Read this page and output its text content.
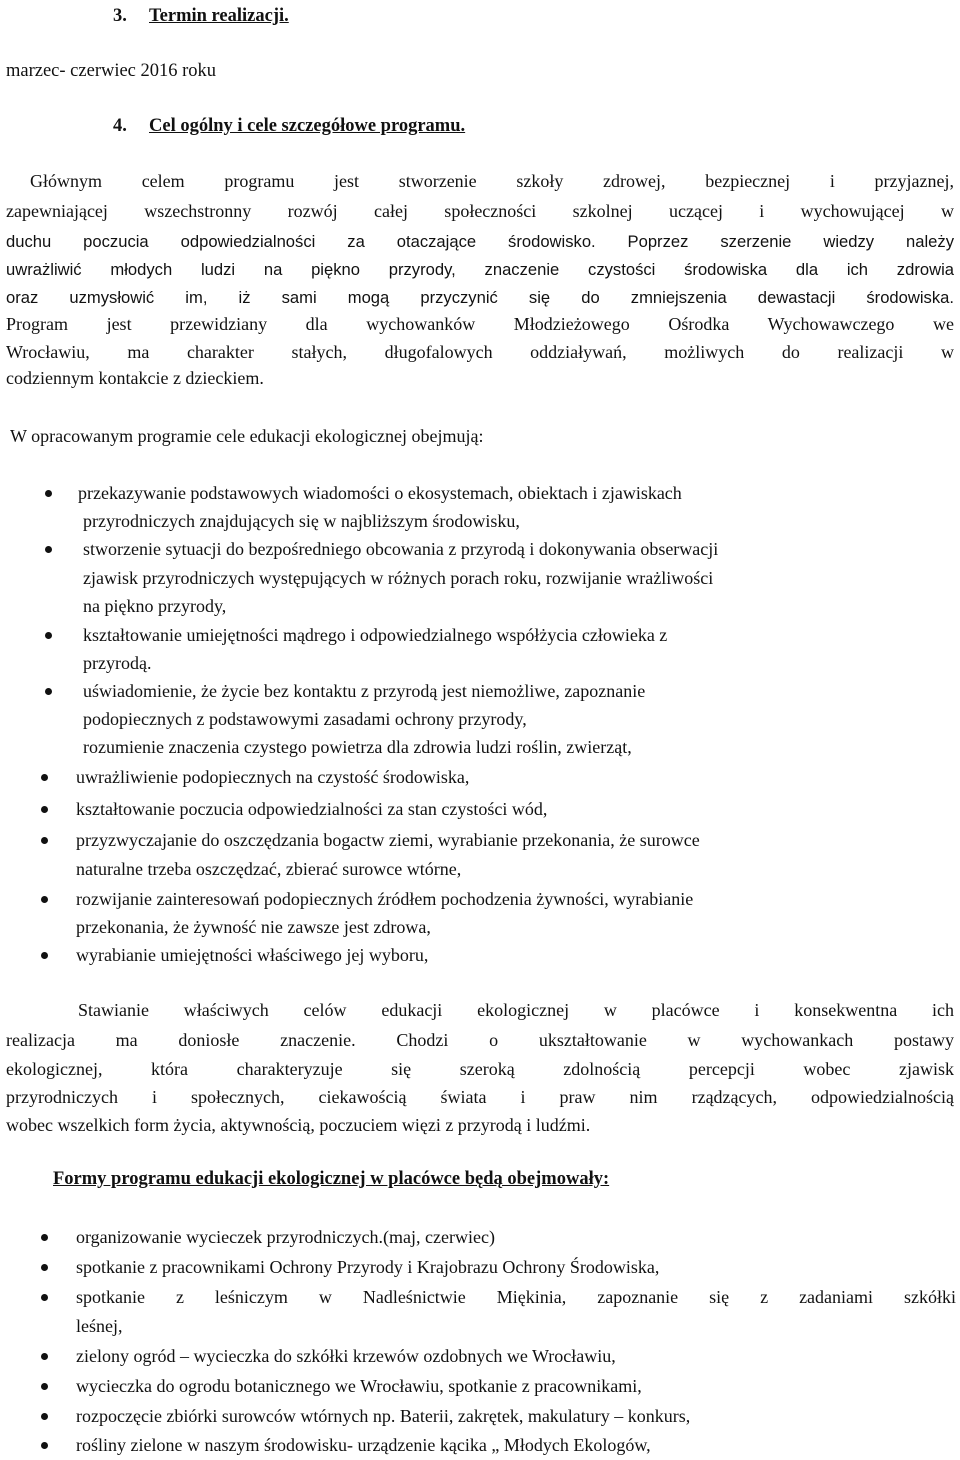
3. Termin realizacji.
marzec- czerwiec 2016 roku
4. Cel ogólny i cele szczegółowe programu.
Głównym celem programu jest stworzenie szkoły zdrowej, bezpiecznej i przyjaznej,
zapewniającej wszechstronny rozwój całej społeczności szkolnej uczącej i wychowującej w
duchu poczucia odpowiedzialności za otaczające środowisko. Poprzez szerzenie wiedzy należy
uwrażliwić młodych ludzi na piękno przyrody, znaczenie czystości środowiska dla ich zdrowia
oraz uzmysłowić im, iż sami mogą przyczynić się do zmniejszenia dewastacji środowiska.
Program jest przewidziany dla wychowanków Młodzieżowego Ośrodka Wychowawczego we
Wrocławiu, ma charakter stałych, długofalowych oddziaływań, możliwych do realizacji w
codziennym kontakcie z dzieckiem.
W opracowanym programie cele edukacji ekologicznej obejmują:
przekazywanie podstawowych wiadomości o ekosystemach, obiektach i zjawiskach
przyrodniczych znajdujących się w najbliższym środowisku,
stworzenie sytuacji do bezpośredniego obcowania z przyrodą i dokonywania obserwacji
zjawisk przyrodniczych występujących w różnych porach roku, rozwijanie wrażliwości
na piękno przyrody,
kształtowanie umiejętności mądrego i odpowiedzialnego współżycia człowieka z
przyrodą.
uświadomienie, że życie bez kontaktu z przyrodą jest niemożliwe, zapoznanie
podopiecznych z podstawowymi zasadami ochrony przyrody,
rozumienie znaczenia czystego powietrza dla zdrowia ludzi roślin, zwierząt,
uwrażliwienie podopiecznych na czystość środowiska,
kształtowanie poczucia odpowiedzialności za stan czystości wód,
przyzwyczajanie do oszczędzania bogactw ziemi, wyrabianie przekonania, że surowce
naturalne trzeba oszczędzać, zbierać surowce wtórne,
rozwijanie zainteresowań podopiecznych źródłem pochodzenia żywności, wyrabianie
przekonania, że żywność nie zawsze jest zdrowa,
wyrabianie umiejętności właściwego jej wyboru,
Stawianie właściwych celów edukacji ekologicznej w placówce i konsekwentna ich
realizacja ma doniosłe znaczenie. Chodzi o ukształtowanie w wychowankach postawy
ekologicznej, która charakteryzuje się szeroką zdolnością percepcji wobec zjawisk
przyrodniczych i społecznych, ciekawością świata i praw nim rządzących, odpowiedzialnością
wobec wszelkich form życia, aktywnością, poczuciem więzi z przyrodą i ludźmi.
Formy programu edukacji ekologicznej w placówce będą obejmowały:
organizowanie wycieczek przyrodniczych.(maj, czerwiec)
spotkanie z pracownikami Ochrony Przyrody i Krajobrazu Ochrony Środowiska,
spotkanie z leśniczym w Nadleśnictwie Miękinia, zapoznanie się z zadaniami szkółki
leśnej,
zielony ogród – wycieczka do szkółki krzewów ozdobnych we Wrocławiu,
wycieczka do ogrodu botanicznego we Wrocławiu, spotkanie z pracownikami,
rozpoczęcie zbiórki surowców wtórnych np. Baterii, zakrętek, makulatury – konkurs,
rośliny zielone w naszym środowisku- urządzenie kącika „ Młodych Ekologów,
